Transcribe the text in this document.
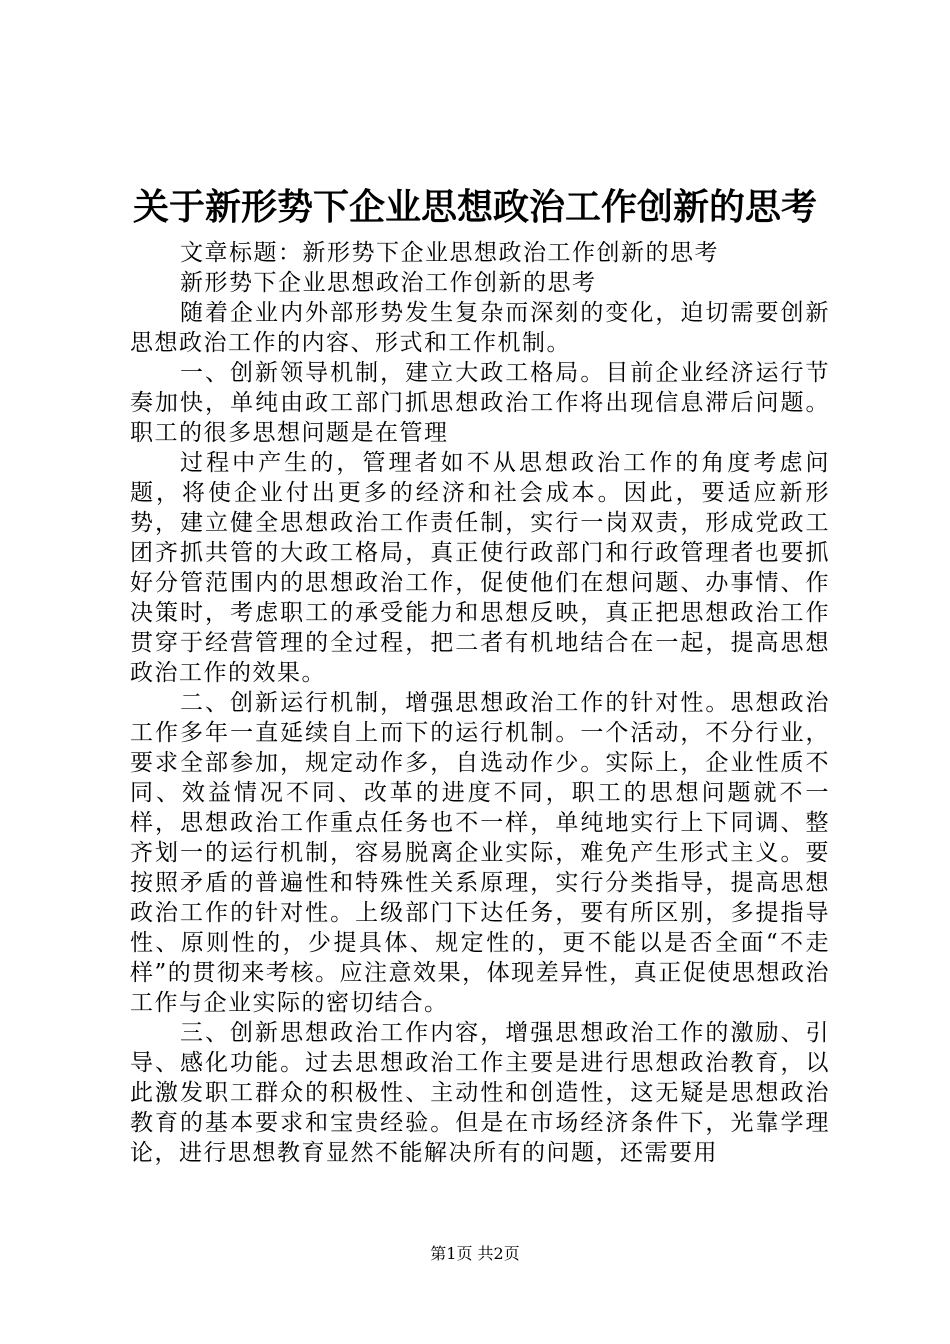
关于新形势下企业思想政治工作创新的思考

文章标题：新形势下企业思想政治工作创新的思考

新形势下企业思想政治工作创新的思考

随着企业内外部形势发生复杂而深刻的变化，迫切需要创新思想政治工作的内容、形式和工作机制。

一、创新领导机制，建立大政工格局。目前企业经济运行节奏加快，单纯由政工部门抓思想政治工作将出现信息滞后问题。职工的很多思想问题是在管理

过程中产生的，管理者如不从思想政治工作的角度考虑问题，将使企业付出更多的经济和社会成本。因此，要适应新形势，建立健全思想政治工作责任制，实行一岗双责，形成党政工团齐抓共管的大政工格局，真正使行政部门和行政管理者也要抓好分管范围内的思想政治工作，促使他们在想问题、办事情、作决策时，考虑职工的承受能力和思想反映，真正把思想政治工作贯穿于经营管理的全过程，把二者有机地结合在一起，提高思想政治工作的效果。

二、创新运行机制，增强思想政治工作的针对性。思想政治工作多年一直延续自上而下的运行机制。一个活动，不分行业，要求全部参加，规定动作多，自选动作少。实际上，企业性质不同、效益情况不同、改革的进度不同，职工的思想问题就不一样，思想政治工作重点任务也不一样，单纯地实行上下同调、整齐划一的运行机制，容易脱离企业实际，难免产生形式主义。要按照矛盾的普遍性和特殊性关系原理，实行分类指导，提高思想政治工作的针对性。上级部门下达任务，要有所区别，多提指导性、原则性的，少提具体、规定性的，更不能以是否全面“不走样”的贯彻来考核。应注意效果，体现差异性，真正促使思想政治工作与企业实际的密切结合。

三、创新思想政治工作内容，增强思想政治工作的激励、引导、感化功能。过去思想政治工作主要是进行思想政治教育，以此激发职工群众的积极性、主动性和创造性，这无疑是思想政治教育的基本要求和宝贵经验。但是在市场经济条件下，光靠学理论，进行思想教育显然不能解决所有的问题，还需要用

第1页 共2页
